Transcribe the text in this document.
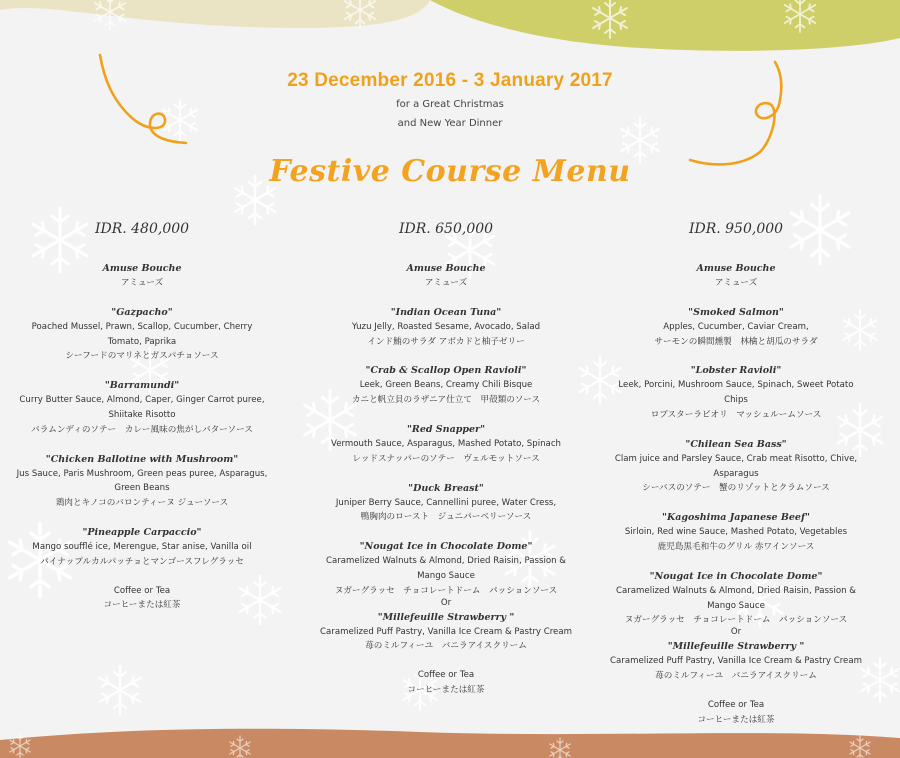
23 December 2016 - 3 January 2017
for a Great Christmas
and New Year Dinner
Festive Course Menu
IDR. 480,000
Amuse Bouche
アミューズ
"Gazpacho"
Poached Mussel, Prawn, Scallop, Cucumber, Cherry
Tomato, Paprika
シーフードのマリネとガスパチョソース
"Barramundi"
Curry Butter Sauce, Almond, Caper, Ginger Carrot puree,
Shiitake Risotto
バラムンディのソテー　カレー風味の焦がしバターソース
"Chicken Ballotine with Mushroom"
Jus Sauce, Paris Mushroom, Green peas puree, Asparagus,
Green Beans
鶏肉とキノコのバロンティーヌ ジューソース
"Pineapple Carpaccio"
Mango soufflé ice, Merengue, Star anise, Vanilla oil
パイナップルカルパッチョとマンゴースフレグラッセ
Coffee or Tea
コーヒーまたは紅茶
IDR. 650,000
Amuse Bouche
アミューズ
"Indian Ocean Tuna"
Yuzu Jelly, Roasted Sesame, Avocado, Salad
インド鮪のサラダ アボカドと柚子ゼリー
"Crab & Scallop Open Ravioli"
Leek, Green Beans, Creamy Chili Bisque
カニと帆立貝のラザニア仕立て　甲殻類のソース
"Red Snapper"
Vermouth Sauce, Asparagus, Mashed Potato, Spinach
レッドスナッパーのソテー　ヴェルモットソース
"Duck Breast"
Juniper Berry Sauce, Cannellini puree, Water Cress,
鴨胸肉のロースト　ジュニパーベリーソース
"Nougat Ice in Chocolate Dome"
Caramelized Walnuts & Almond, Dried Raisin, Passion &
Mango Sauce
ヌガーグラッセ　チョコレートドーム　パッションソース
Or
"Millefeuille Strawberry "
Caramelized Puff Pastry, Vanilla Ice Cream & Pastry Cream
苺のミルフィーユ　バニラアイスクリーム
Coffee or Tea
コーヒーまたは紅茶
IDR. 950,000
Amuse Bouche
アミューズ
"Smoked Salmon"
Apples, Cucumber, Caviar Cream,
サーモンの瞬間燻製　林檎と胡瓜のサラダ
"Lobster Ravioli"
Leek, Porcini, Mushroom Sauce, Spinach, Sweet Potato
Chips
ロブスターラビオリ　マッシュルームソース
"Chilean Sea Bass"
Clam juice and Parsley Sauce, Crab meat Risotto, Chive,
Asparagus
シーバスのソテー　蟹のリゾットとクラムソース
"Kagoshima Japanese Beef"
Sirloin, Red wine Sauce, Mashed Potato, Vegetables
鹿児島黒毛和牛のグリル 赤ワインソース
"Nougat Ice in Chocolate Dome"
Caramelized Walnuts & Almond, Dried Raisin, Passion &
Mango Sauce
ヌガーグラッセ　チョコレートドーム　パッションソース
Or
"Millefeuille Strawberry "
Caramelized Puff Pastry, Vanilla Ice Cream & Pastry Cream
苺のミルフィーユ　バニラアイスクリーム
Coffee or Tea
コーヒーまたは紅茶
